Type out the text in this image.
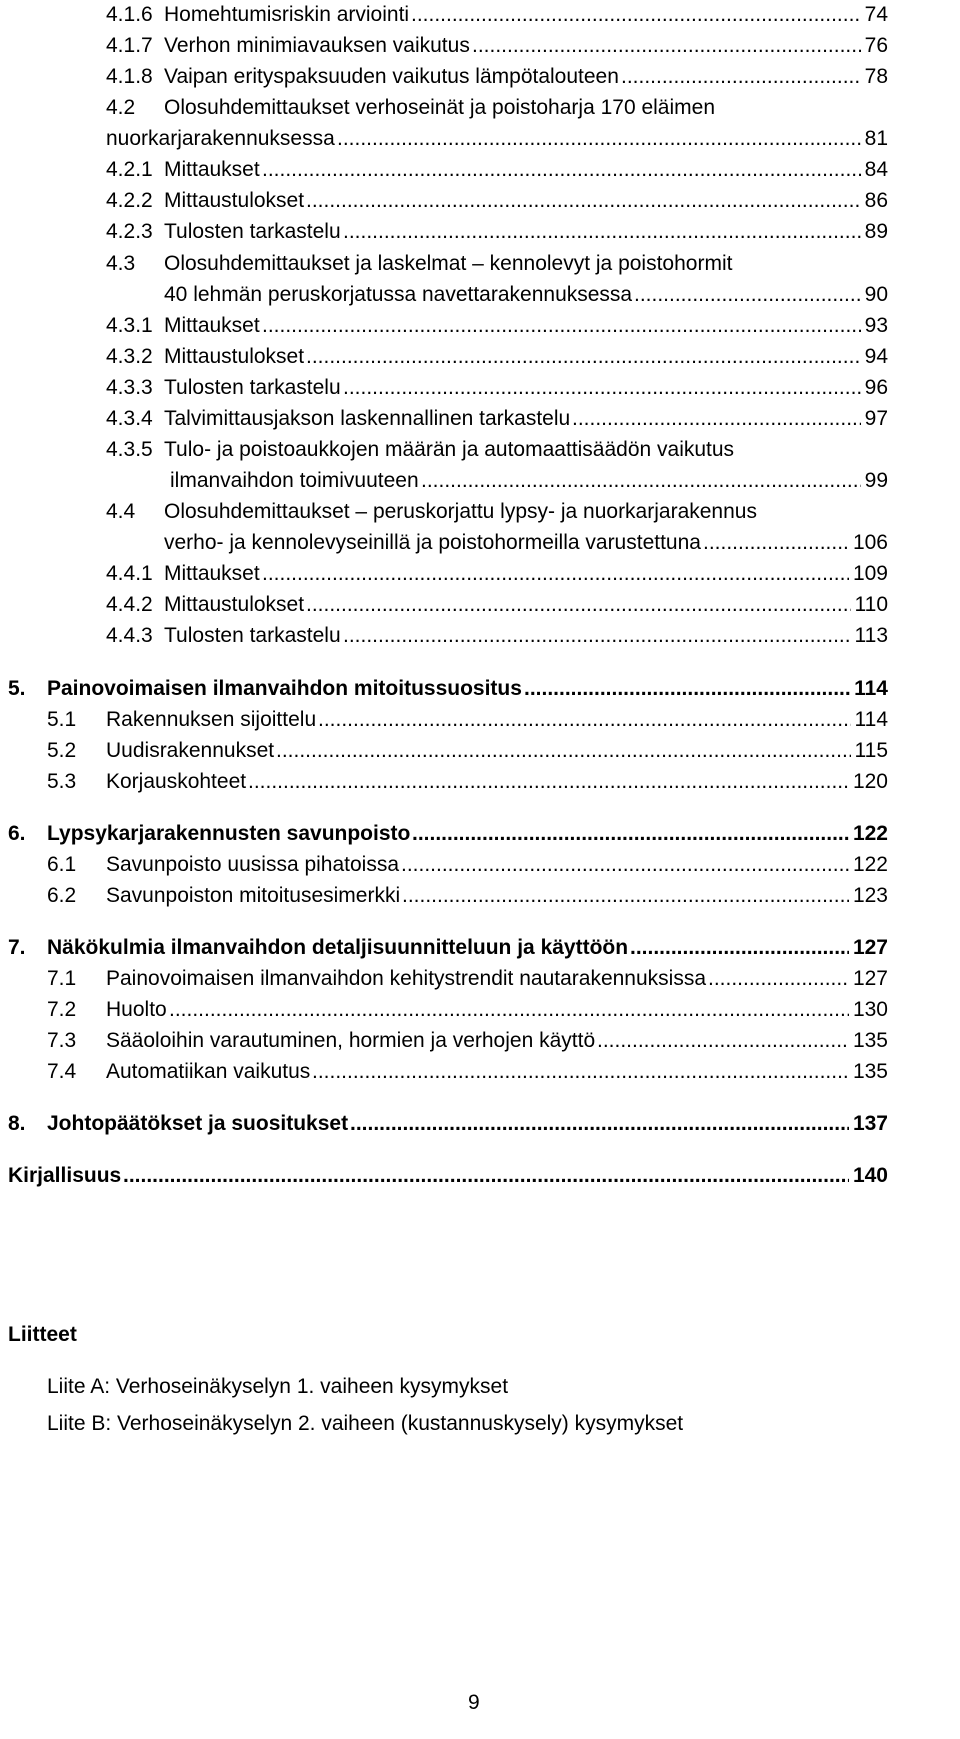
4.1.6 Homehtumisriskin arviointi .....	74
4.1.7 Verhon minimiavauksen vaikutus .....	76
4.1.8 Vaipan erityspaksuuden vaikutus lämpötalouteen .....	78
4.2 Olosuhdemittaukset verhoseinät ja poistoharja 170 eläimen
nuorkarjarakennuksessa .....	81
4.2.1 Mittaukset .....	84
4.2.2 Mittaustulokset .....	86
4.2.3 Tulosten tarkastelu .....	89
4.3 Olosuhdemittaukset ja laskelmat – kennolevyt ja poistohormit
40 lehmän peruskorjatussa navettarakennuksessa .....	90
4.3.1 Mittaukset .....	93
4.3.2 Mittaustulokset .....	94
4.3.3 Tulosten tarkastelu .....	96
4.3.4 Talvimittausjakson laskennallinen tarkastelu .....	97
4.3.5 Tulo- ja poistoaukkojen määrän ja automaattisäädön vaikutus
ilmanvaihdon toimivuuteen .....	99
4.4 Olosuhdemittaukset – peruskorjattu lypsy- ja nuorkarjarakennus
verho- ja kennolevyseinillä ja poistohormeilla varustettuna .....	106
4.4.1 Mittaukset .....	109
4.4.2 Mittaustulokset .....	110
4.4.3 Tulosten tarkastelu .....	113
5. Painovoimaisen ilmanvaihdon mitoitussuositus .....	114
5.1 Rakennuksen sijoittelu .....	114
5.2 Uudisrakennukset .....	115
5.3 Korjauskohteet .....	120
6. Lypsykarjarakennusten savunpoisto .....	122
6.1 Savunpoisto uusissa pihatoissa .....	122
6.2 Savunpoiston mitoitusesimerkki .....	123
7. Näkökulmia ilmanvaihdon detaljisuunnitteluun ja käyttöön .....	127
7.1 Painovoimaisen ilmanvaihdon kehitystrendit nautarakennuksissa .....	127
7.2 Huolto .....	130
7.3 Sääoloihin varautuminen, hormien ja verhojen käyttö .....	135
7.4 Automatiikan vaikutus .....	135
8. Johtopäätökset ja suositukset .....	137
Kirjallisuus .....	140
Liitteet
Liite A: Verhoseinäkyselyn 1. vaiheen kysymykset
Liite B: Verhoseinäkyselyn 2. vaiheen (kustannuskysely) kysymykset
9
